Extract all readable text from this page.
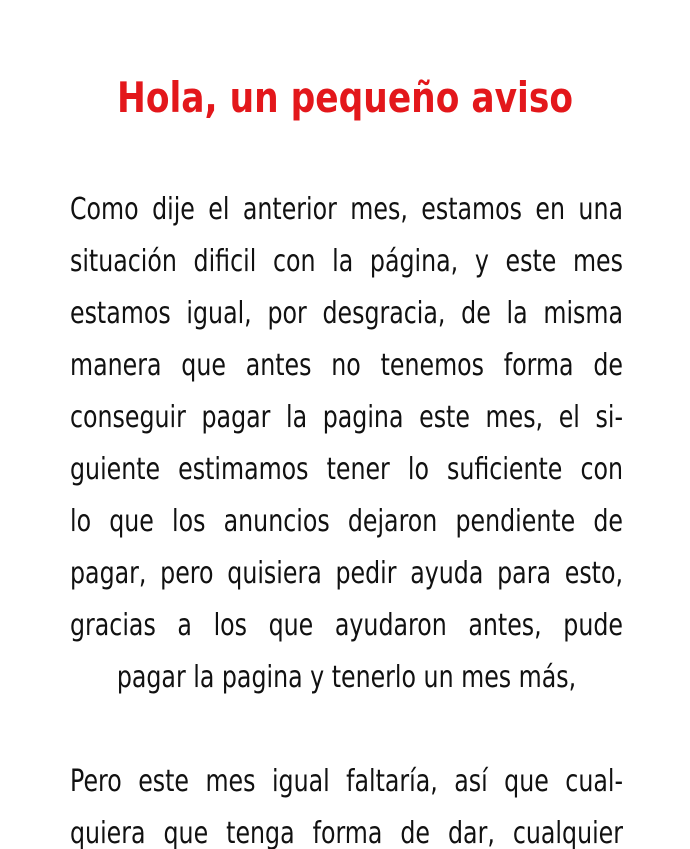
Hola, un pequeño aviso
Como dije el anterior mes, estamos en una
situación dificil con la página, y este mes
estamos igual, por desgracia, de la misma
manera que antes no tenemos forma de
conseguir pagar la pagina este mes, el si-
guiente estimamos tener lo suficiente con
lo que los anuncios dejaron pendiente de
pagar, pero quisiera pedir ayuda para esto,
gracias a los que ayudaron antes, pude
pagar la pagina y tenerlo un mes más,
Pero este mes igual faltaría, así que cual-
quiera que tenga forma de dar, cualquier
